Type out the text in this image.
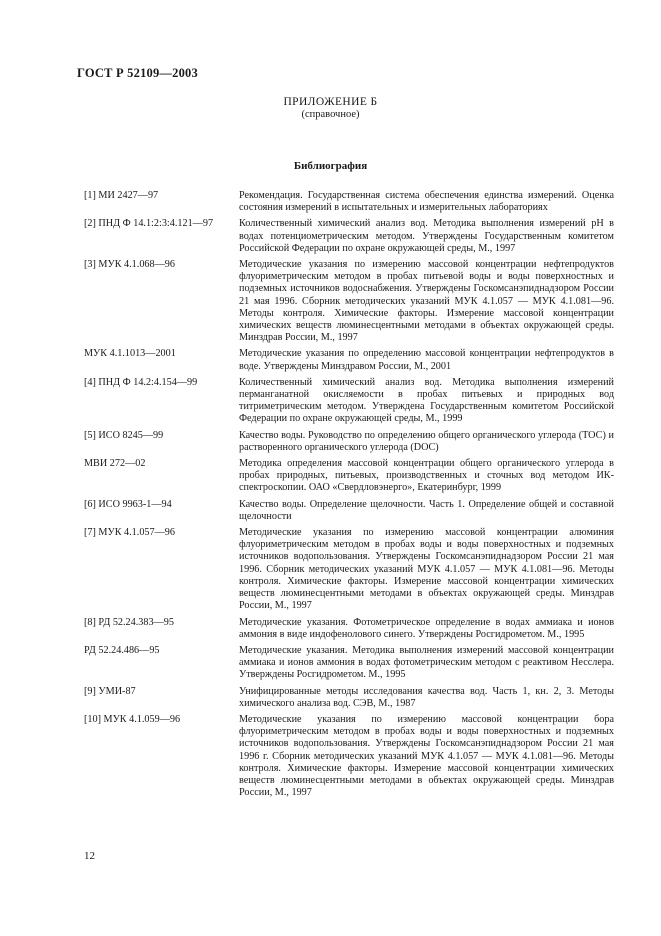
ГОСТ Р 52109—2003
ПРИЛОЖЕНИЕ Б
(справочное)
Библиография
[1] МИ 2427—97	Рекомендация. Государственная система обеспечения единства измерений. Оценка состояния измерений в испытательных и измерительных лабораториях
[2] ПНД Ф 14.1:2:3:4.121—97	Количественный химический анализ вод. Методика выполнения измерений pH в водах потенциометрическим методом. Утверждены Государственным комитетом Российской Федерации по охране окружающей среды, М., 1997
[3] МУК 4.1.068—96	Методические указания по измерению массовой концентрации нефтепродуктов флуориметрическим методом в пробах питьевой воды и воды поверхностных и подземных источников водоснабжения. Утверждены Госкомсанэпиднадзором России 21 мая 1996. Сборник методических указаний МУК 4.1.057 — МУК 4.1.081—96. Методы контроля. Химические факторы. Измерение массовой концентрации химических веществ люминесцентными методами в объектах окружающей среды. Минздрав России, М., 1997
МУК 4.1.1013—2001	Методические указания по определению массовой концентрации нефтепродуктов в воде. Утверждены Минздравом России, М., 2001
[4] ПНД Ф 14.2:4.154—99	Количественный химический анализ вод. Методика выполнения измерений перманганатной окисляемости в пробах питьевых и природных вод титриметрическим методом. Утверждена Государственным комитетом Российской Федерации по охране окружающей среды, М., 1999
[5] ИСО 8245—99	Качество воды. Руководство по определению общего органического углерода (ТОС) и растворенного органического углерода (DOC)
МВИ 272—02	Методика определения массовой концентрации общего органического углерода в пробах природных, питьевых, производственных и сточных вод методом ИК-спектроскопии. ОАО «Свердловэнерго», Екатеринбург, 1999
[6] ИСО 9963-1—94	Качество воды. Определение щелочности. Часть 1. Определение общей и составной щелочности
[7] МУК 4.1.057—96	Методические указания по измерению массовой концентрации алюминия флуориметрическим методом в пробах воды и воды поверхностных и подземных источников водопользования. Утверждены Госкомсанэпиднадзором России 21 мая 1996. Сборник методических указаний МУК 4.1.057 — МУК 4.1.081—96. Методы контроля. Химические факторы. Измерение массовой концентрации химических веществ люминесцентными методами в объектах окружающей среды. Минздрав России, М., 1997
[8] РД 52.24.383—95	Методические указания. Фотометрическое определение в водах аммиака и ионов аммония в виде индофенолового синего. Утверждены Росгидрометом. М., 1995
РД 52.24.486—95	Методические указания. Методика выполнения измерений массовой концентрации аммиака и ионов аммония в водах фотометрическим методом с реактивом Несслера. Утверждены Росгидрометом. М., 1995
[9] УМИ-87	Унифицированные методы исследования качества вод. Часть 1, кн. 2, 3. Методы химического анализа вод. СЭВ, М., 1987
[10] МУК 4.1.059—96	Методические указания по измерению массовой концентрации бора флуориметрическим методом в пробах воды и воды поверхностных и подземных источников водопользования. Утверждены Госкомсанэпиднадзором России 21 мая 1996 г. Сборник методических указаний МУК 4.1.057 — МУК 4.1.081—96. Методы контроля. Химические факторы. Измерение массовой концентрации химических веществ люминесцентными методами в объектах окружающей среды. Минздрав России, М., 1997
12
